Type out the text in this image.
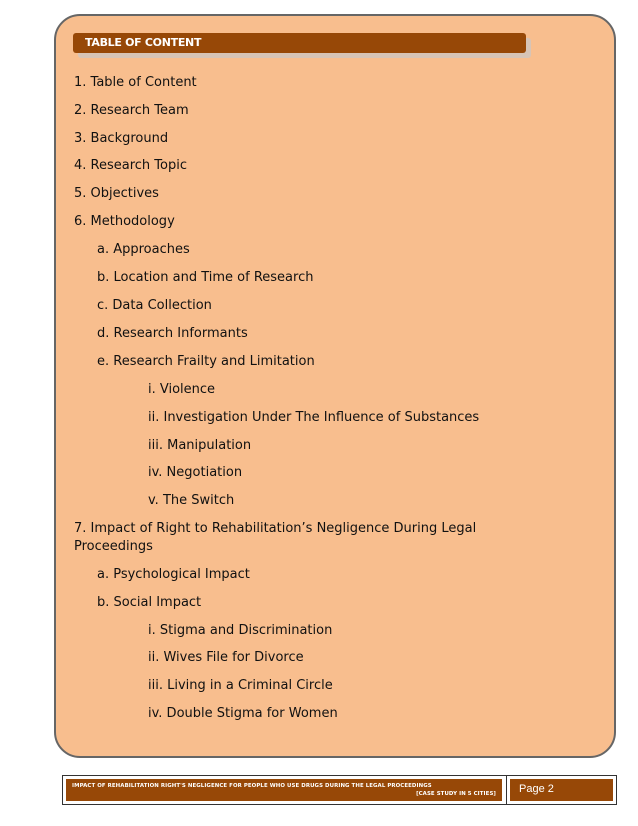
TABLE OF CONTENT
1. Table of Content
2. Research Team
3. Background
4. Research Topic
5. Objectives
6. Methodology
a. Approaches
b. Location and Time of Research
c. Data Collection
d. Research Informants
e. Research Frailty and Limitation
i. Violence
ii. Investigation Under The Influence of Substances
iii. Manipulation
iv. Negotiation
v. The Switch
7. Impact of Right to Rehabilitation’s Negligence During Legal Proceedings
a. Psychological Impact
b. Social Impact
i. Stigma and Discrimination
ii. Wives File for Divorce
iii. Living in a Criminal Circle
iv. Double Stigma for Women
IMPACT OF REHABILITATION RIGHT'S NEGLIGENCE FOR PEOPLE WHO USE DRUGS DURING THE LEGAL PROCEEDINGS
[CASE STUDY IN 5 CITIES] Page 2
